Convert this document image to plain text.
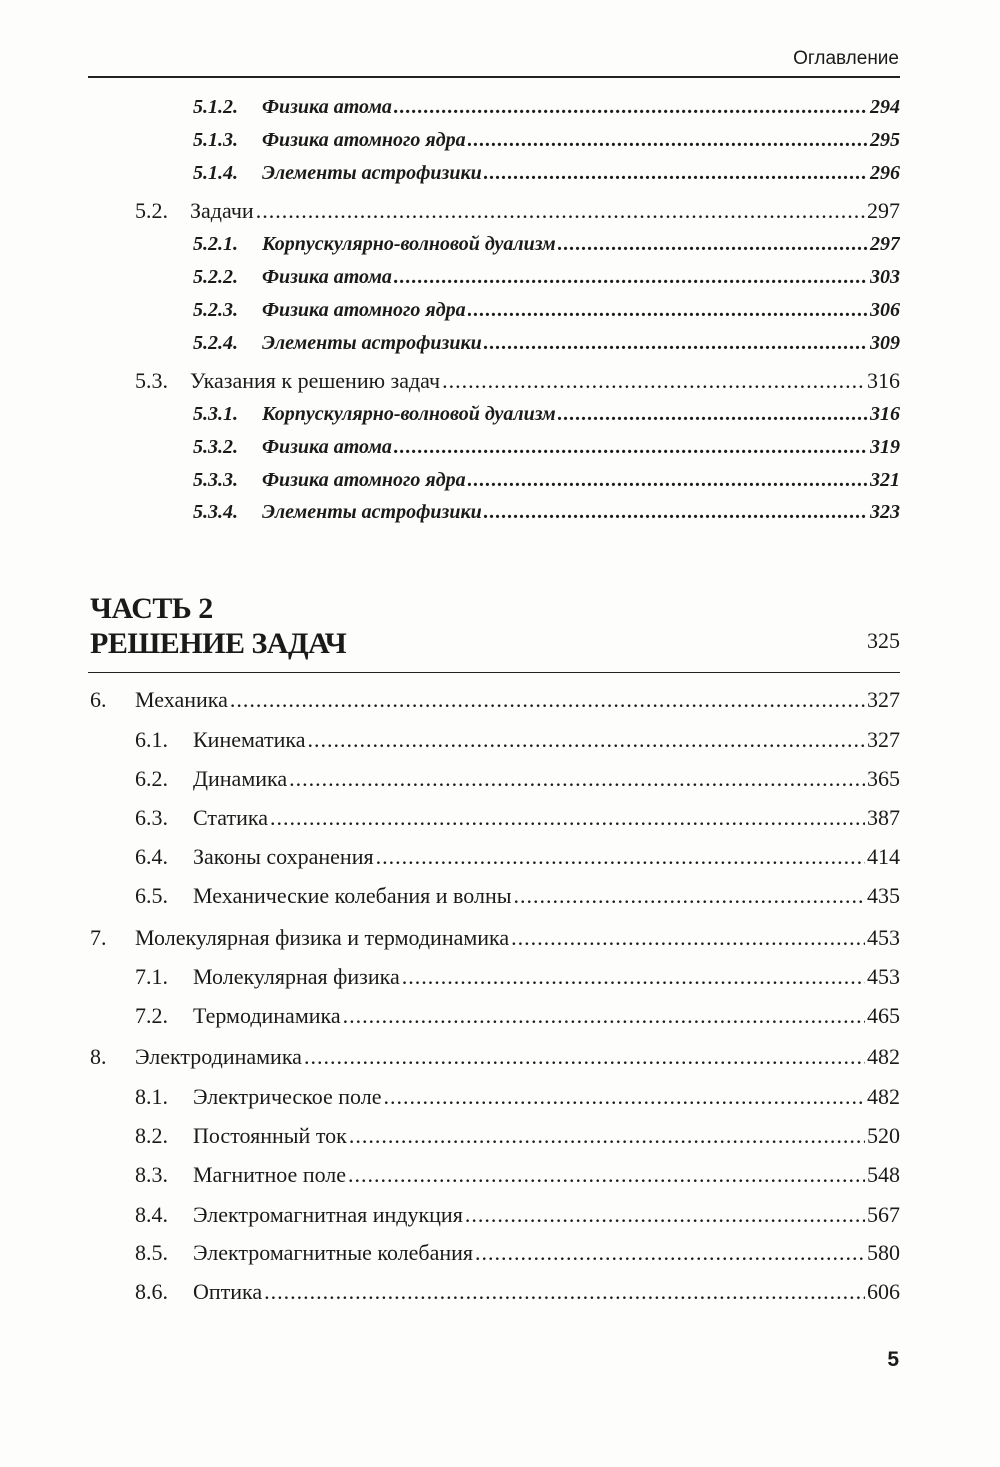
Оглавление
5.1.2. Физика атома .....	294
5.1.3. Физика атомного ядра .....	295
5.1.4. Элементы астрофизики .....	296
5.2. Задачи .....	297
5.2.1. Корпускулярно-волновой дуализм .....	297
5.2.2. Физика атома .....	303
5.2.3. Физика атомного ядра .....	306
5.2.4. Элементы астрофизики .....	309
5.3. Указания к решению задач .....	316
5.3.1. Корпускулярно-волновой дуализм .....	316
5.3.2. Физика атома .....	319
5.3.3. Физика атомного ядра .....	321
5.3.4. Элементы астрофизики .....	323
ЧАСТЬ 2
РЕШЕНИЕ ЗАДАЧ	325
6. Механика .....	327
6.1. Кинематика .....	327
6.2. Динамика .....	365
6.3. Статика .....	387
6.4. Законы сохранения .....	414
6.5. Механические колебания и волны .....	435
7. Молекулярная физика и термодинамика .....	453
7.1. Молекулярная физика .....	453
7.2. Термодинамика .....	465
8. Электродинамика .....	482
8.1. Электрическое поле .....	482
8.2. Постоянный ток .....	520
8.3. Магнитное поле .....	548
8.4. Электромагнитная индукция .....	567
8.5. Электромагнитные колебания .....	580
8.6. Оптика .....	606
5
